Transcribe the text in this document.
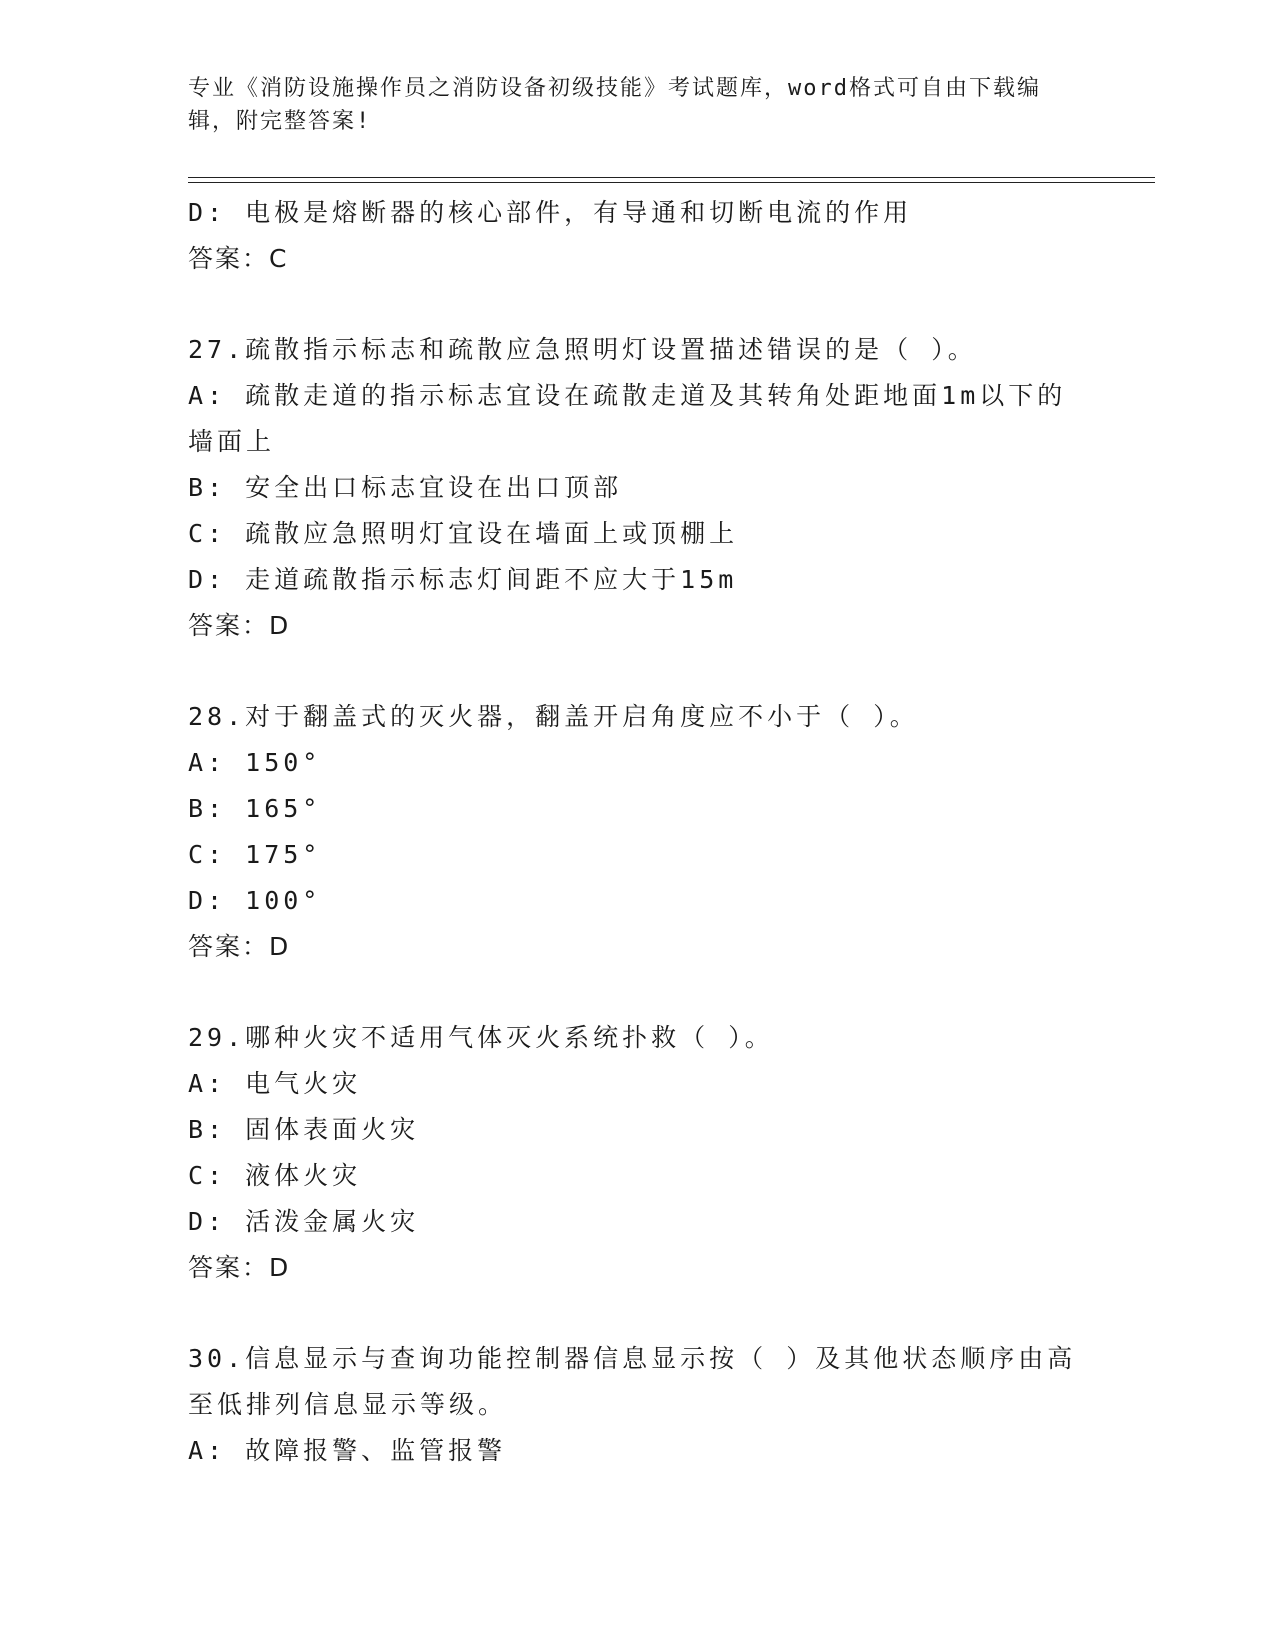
专业《消防设施操作员之消防设备初级技能》考试题库，word格式可自由下载编
辑，附完整答案!
D: 电极是熔断器的核心部件，有导通和切断电流的作用
答案：C
27.疏散指示标志和疏散应急照明灯设置描述错误的是（ ）。
A: 疏散走道的指示标志宜设在疏散走道及其转角处距地面1m以下的
墙面上
B: 安全出口标志宜设在出口顶部
C: 疏散应急照明灯宜设在墙面上或顶棚上
D: 走道疏散指示标志灯间距不应大于15m
答案：D
28.对于翻盖式的灭火器，翻盖开启角度应不小于（ ）。
A: 150°
B: 165°
C: 175°
D: 100°
答案：D
29.哪种火灾不适用气体灭火系统扑救（ ）。
A: 电气火灾
B: 固体表面火灾
C: 液体火灾
D: 活泼金属火灾
答案：D
30.信息显示与查询功能控制器信息显示按（ ）及其他状态顺序由高
至低排列信息显示等级。
A: 故障报警、监管报警
